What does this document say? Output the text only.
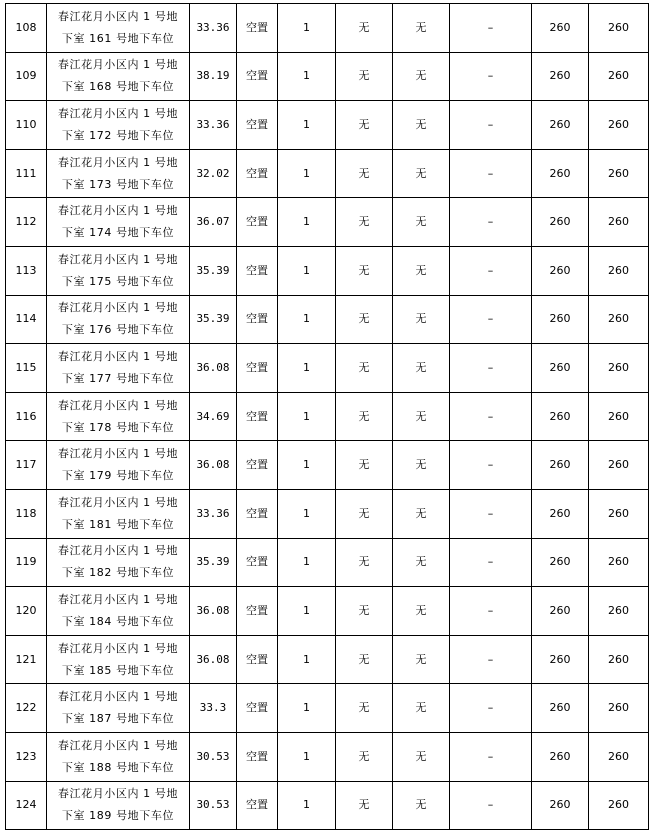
108	春江花月小区内 1 号地
下室 161 号地下车位	33.36	空置	1	无	无	–	260	260
109	春江花月小区内 1 号地
下室 168 号地下车位	38.19	空置	1	无	无	–	260	260
110	春江花月小区内 1 号地
下室 172 号地下车位	33.36	空置	1	无	无	–	260	260
111	春江花月小区内 1 号地
下室 173 号地下车位	32.02	空置	1	无	无	–	260	260
112	春江花月小区内 1 号地
下室 174 号地下车位	36.07	空置	1	无	无	–	260	260
113	春江花月小区内 1 号地
下室 175 号地下车位	35.39	空置	1	无	无	–	260	260
114	春江花月小区内 1 号地
下室 176 号地下车位	35.39	空置	1	无	无	–	260	260
115	春江花月小区内 1 号地
下室 177 号地下车位	36.08	空置	1	无	无	–	260	260
116	春江花月小区内 1 号地
下室 178 号地下车位	34.69	空置	1	无	无	–	260	260
117	春江花月小区内 1 号地
下室 179 号地下车位	36.08	空置	1	无	无	–	260	260
118	春江花月小区内 1 号地
下室 181 号地下车位	33.36	空置	1	无	无	–	260	260
119	春江花月小区内 1 号地
下室 182 号地下车位	35.39	空置	1	无	无	–	260	260
120	春江花月小区内 1 号地
下室 184 号地下车位	36.08	空置	1	无	无	–	260	260
121	春江花月小区内 1 号地
下室 185 号地下车位	36.08	空置	1	无	无	–	260	260
122	春江花月小区内 1 号地
下室 187 号地下车位	33.3	空置	1	无	无	–	260	260
123	春江花月小区内 1 号地
下室 188 号地下车位	30.53	空置	1	无	无	–	260	260
124	春江花月小区内 1 号地
下室 189 号地下车位	30.53	空置	1	无	无	–	260	260
